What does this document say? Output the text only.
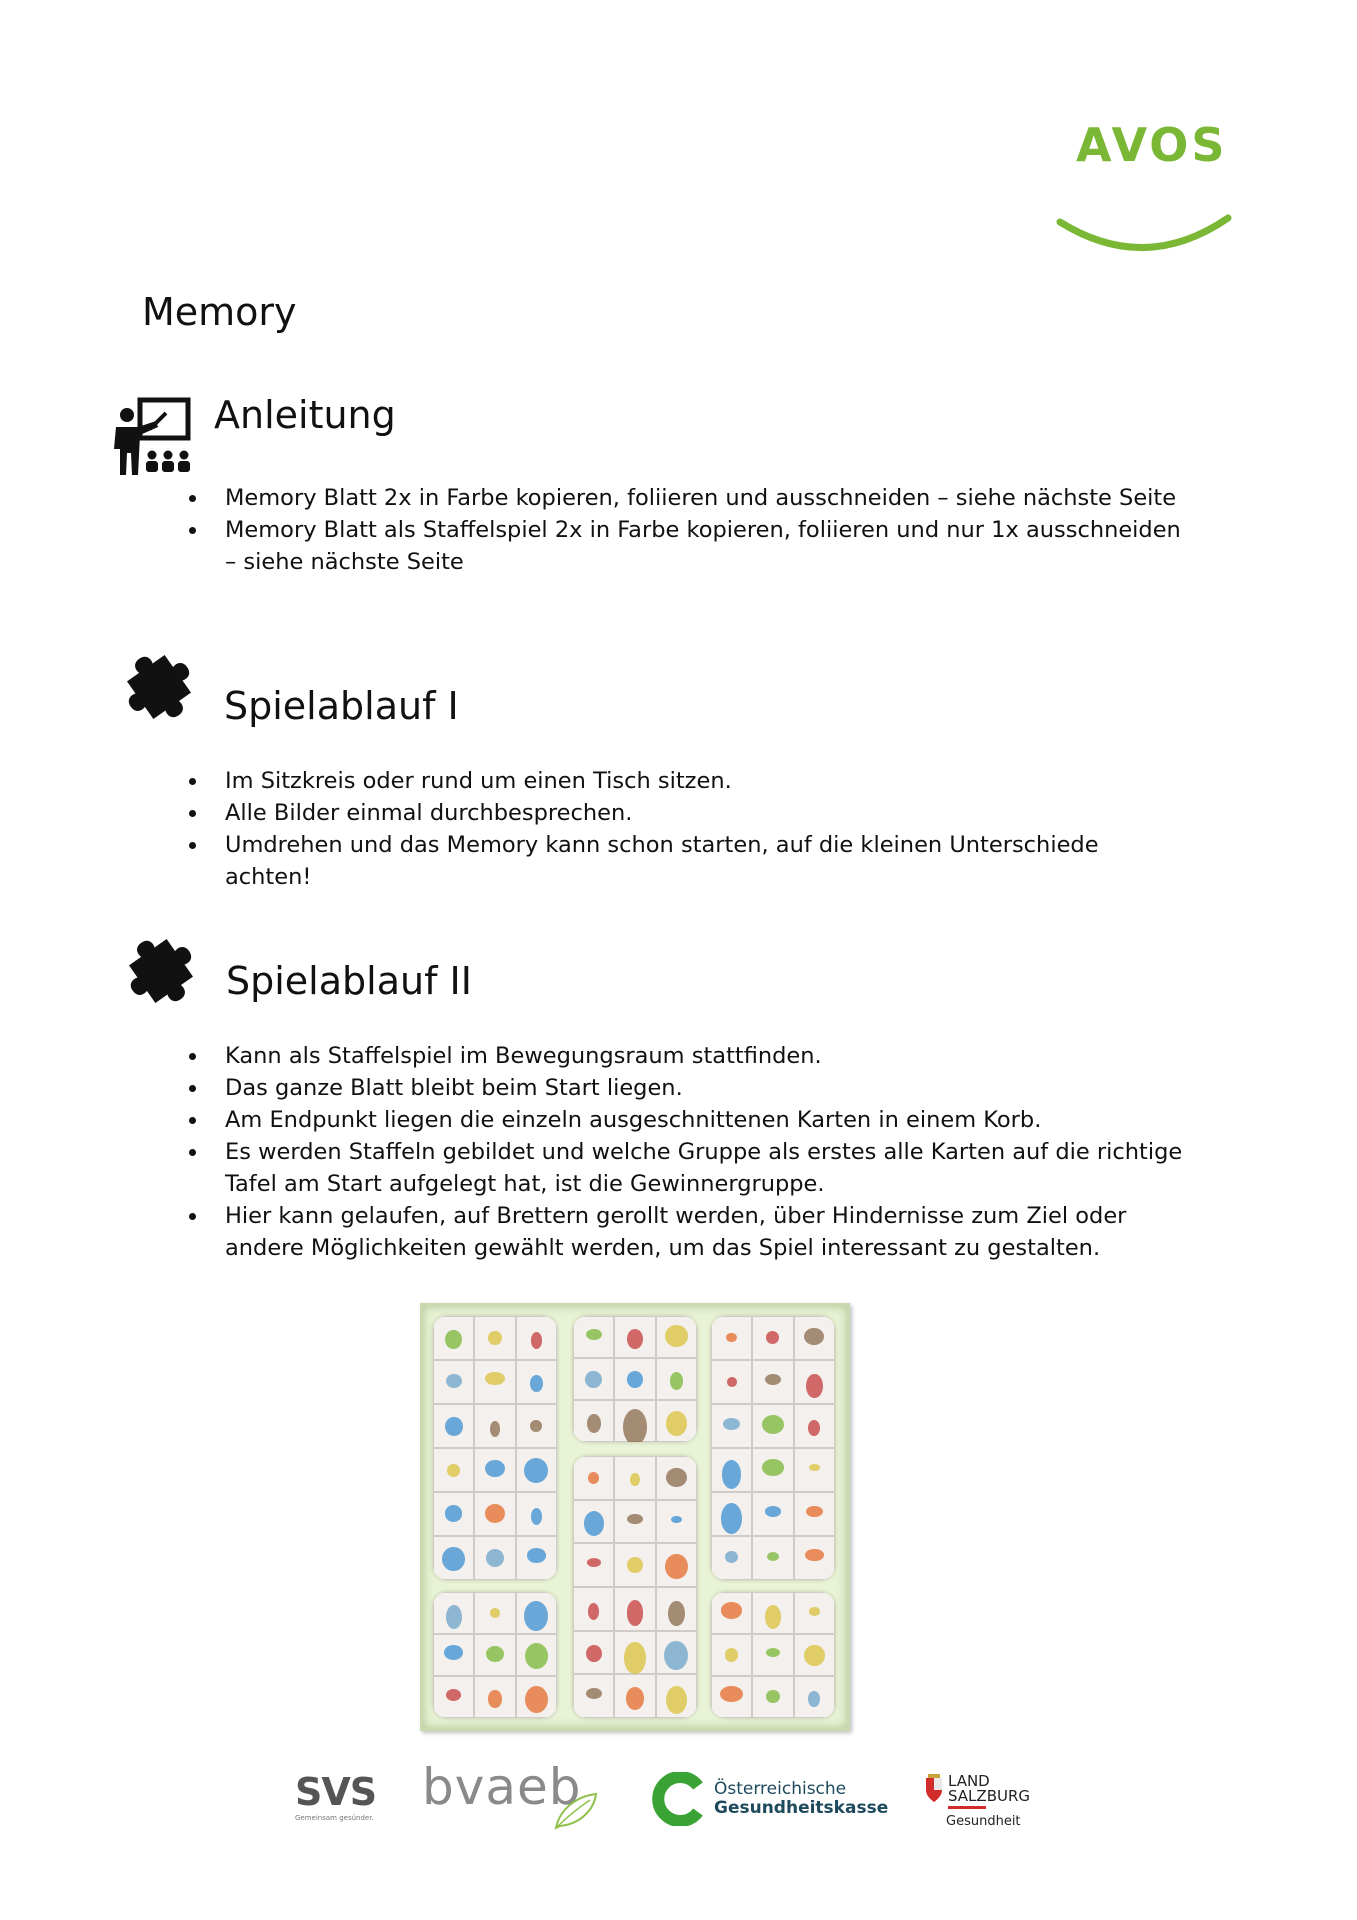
AVOS
Memory
Anleitung
Memory Blatt 2x in Farbe kopieren, foliieren und ausschneiden – siehe nächste Seite
Memory Blatt als Staffelspiel 2x in Farbe kopieren, foliieren und nur 1x ausschneiden – siehe nächste Seite
Spielablauf I
Im Sitzkreis oder rund um einen Tisch sitzen.
Alle Bilder einmal durchbesprechen.
Umdrehen und das Memory kann schon starten, auf die kleinen Unterschiede achten!
Spielablauf II
Kann als Staffelspiel im Bewegungsraum stattfinden.
Das ganze Blatt bleibt beim Start liegen.
Am Endpunkt liegen die einzeln ausgeschnittenen Karten in einem Korb.
Es werden Staffeln gebildet und welche Gruppe als erstes alle Karten auf die richtige Tafel am Start aufgelegt hat, ist die Gewinnergruppe.
Hier kann gelaufen, auf Brettern gerollt werden, über Hindernisse zum Ziel oder andere Möglichkeiten gewählt werden, um das Spiel interessant zu gestalten.
SVS
Gemeinsam gesünder.
bvaeb	Österreichische
Gesundheitskasse
LAND
SALZBURG
Gesundheit
